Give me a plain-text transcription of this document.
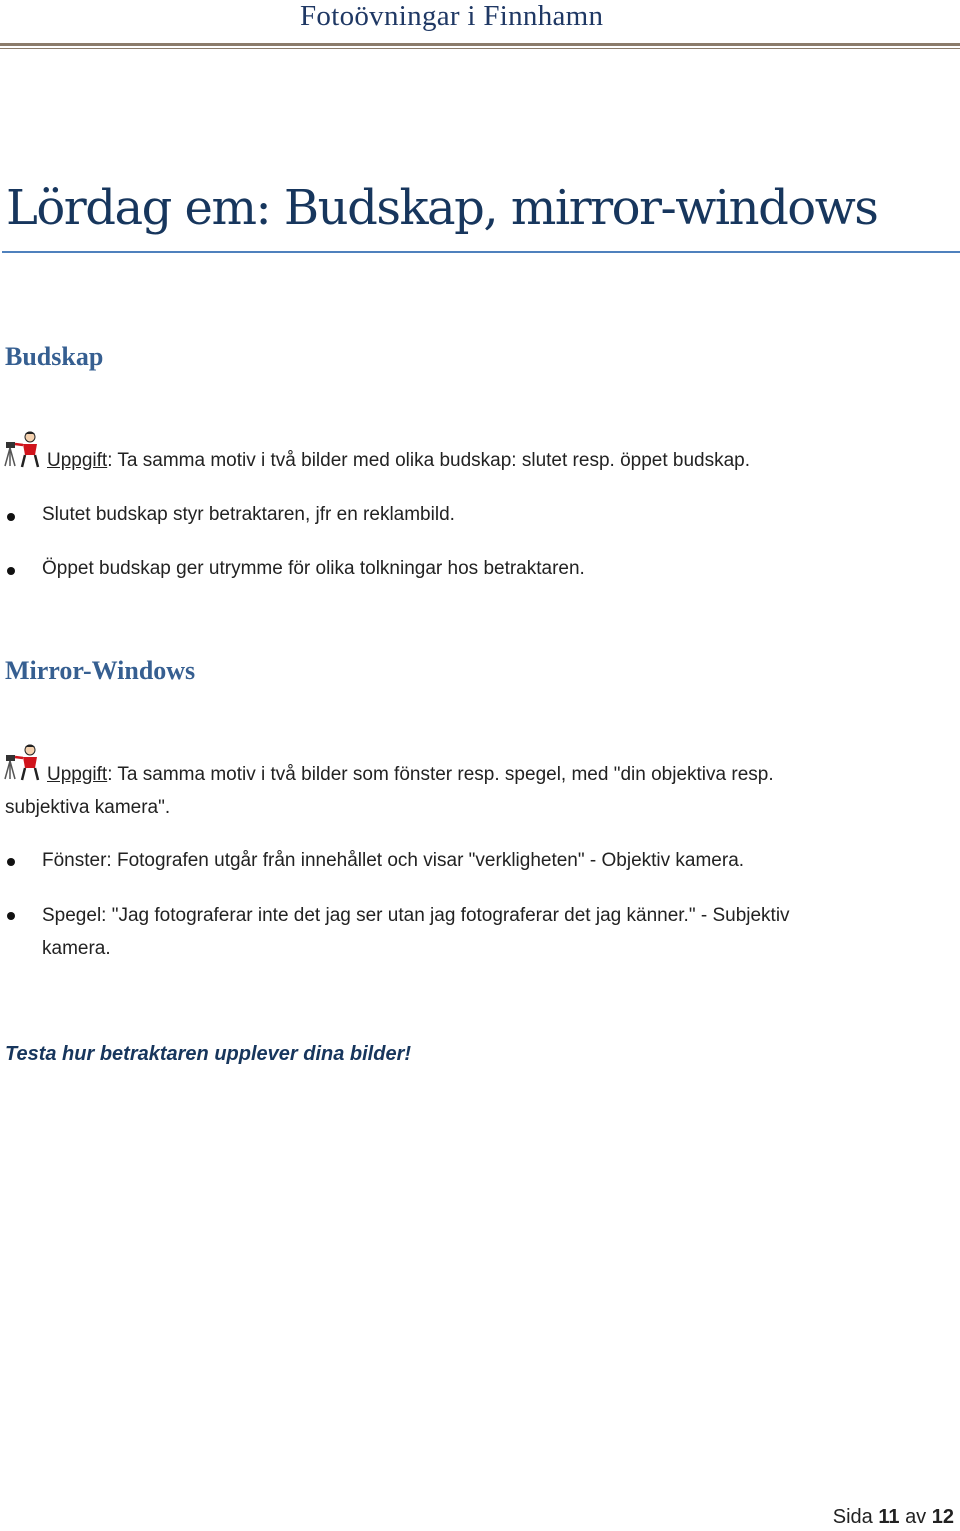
Fotoövningar i Finnhamn
Lördag em: Budskap, mirror-windows
Budskap
Uppgift: Ta samma motiv i två bilder med olika budskap: slutet resp. öppet budskap.
Slutet budskap styr betraktaren, jfr en reklambild.
Öppet budskap ger utrymme för olika tolkningar hos betraktaren.
Mirror-Windows
Uppgift: Ta samma motiv i två bilder som fönster resp. spegel, med "din objektiva resp.
subjektiva kamera".
Fönster: Fotografen utgår från innehållet och visar "verkligheten" - Objektiv kamera.
Spegel: "Jag fotograferar inte det jag ser utan jag fotograferar det jag känner." - Subjektiv
kamera.
Testa hur betraktaren upplever dina bilder!
Sida 11 av 12
